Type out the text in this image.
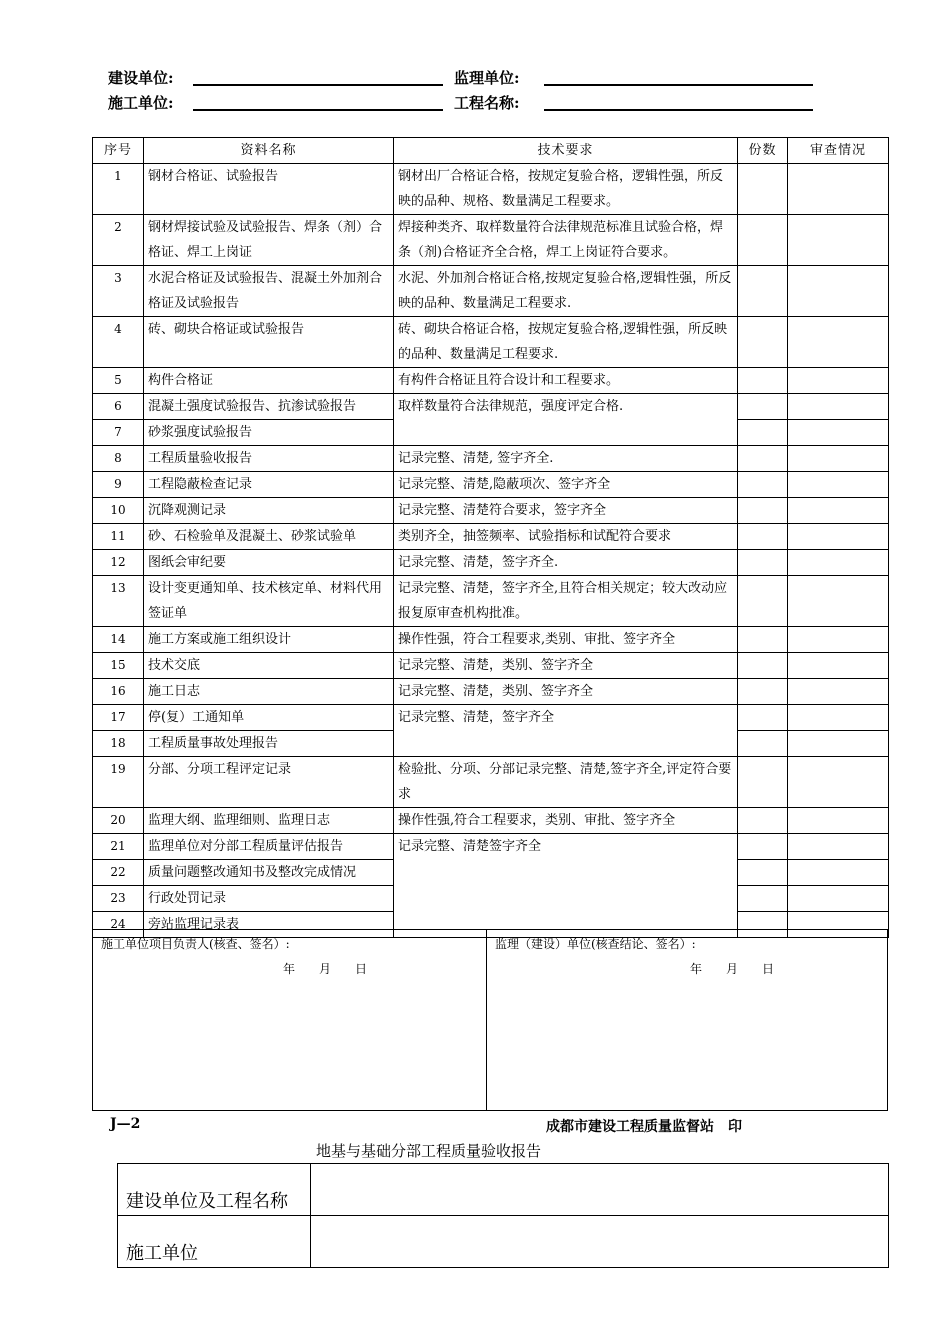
建设单位:	监理单位:
施工单位:	工程名称:
序号	资料名称	技术要求	份数	审查情况
1	钢材合格证、试验报告	钢材出厂合格证合格，按规定复验合格，逻辑性强，所反映的品种、规格、数量满足工程要求。		
2	钢材焊接试验及试验报告、焊条（剂）合格证、焊工上岗证	焊接种类齐、取样数量符合法律规范标准且试验合格，焊条（剂)合格证齐全合格，焊工上岗证符合要求。		
3	水泥合格证及试验报告、混凝土外加剂合格证及试验报告	水泥、外加剂合格证合格,按规定复验合格,逻辑性强，所反映的品种、数量满足工程要求.		
4	砖、砌块合格证或试验报告	砖、砌块合格证合格，按规定复验合格,逻辑性强，所反映的品种、数量满足工程要求.		
5	构件合格证	有构件合格证且符合设计和工程要求。		
6	混凝土强度试验报告、抗渗试验报告	取样数量符合法律规范，强度评定合格.		
7	砂浆强度试验报告			
8	工程质量验收报告	记录完整、清楚, 签字齐全.		
9	工程隐蔽检查记录	记录完整、清楚,隐蔽项次、签字齐全		
10	沉降观测记录	记录完整、清楚符合要求，签字齐全		
11	砂、石检验单及混凝土、砂浆试验单	类别齐全，抽签频率、试验指标和试配符合要求		
12	图纸会审纪要	记录完整、清楚，签字齐全.		
13	设计变更通知单、技术核定单、材料代用签证单	记录完整、清楚，签字齐全,且符合相关规定；较大改动应报复原审查机构批准。		
14	施工方案或施工组织设计	操作性强，符合工程要求,类别、审批、签字齐全		
15	技术交底	记录完整、清楚，类别、签字齐全		
16	施工日志	记录完整、清楚，类别、签字齐全		
17	停(复）工通知单	记录完整、清楚，签字齐全		
18	工程质量事故处理报告			
19	分部、分项工程评定记录	检验批、分项、分部记录完整、清楚,签字齐全,评定符合要求		
20	监理大纲、监理细则、监理日志	操作性强,符合工程要求，类别、审批、签字齐全		
21	监理单位对分部工程质量评估报告	记录完整、清楚签字齐全		
22	质量问题整改通知书及整改完成情况			
23	行政处罚记录			
24	旁站监理记录表			
施工单位项目负责人(核查、签名）:
年　　月　　日
监理（建设）单位(核查结论、签名）:
年　　月　　日
J—2	成都市建设工程质量监督站　印
地基与基础分部工程质量验收报告
建设单位及工程名称	
施工单位	
